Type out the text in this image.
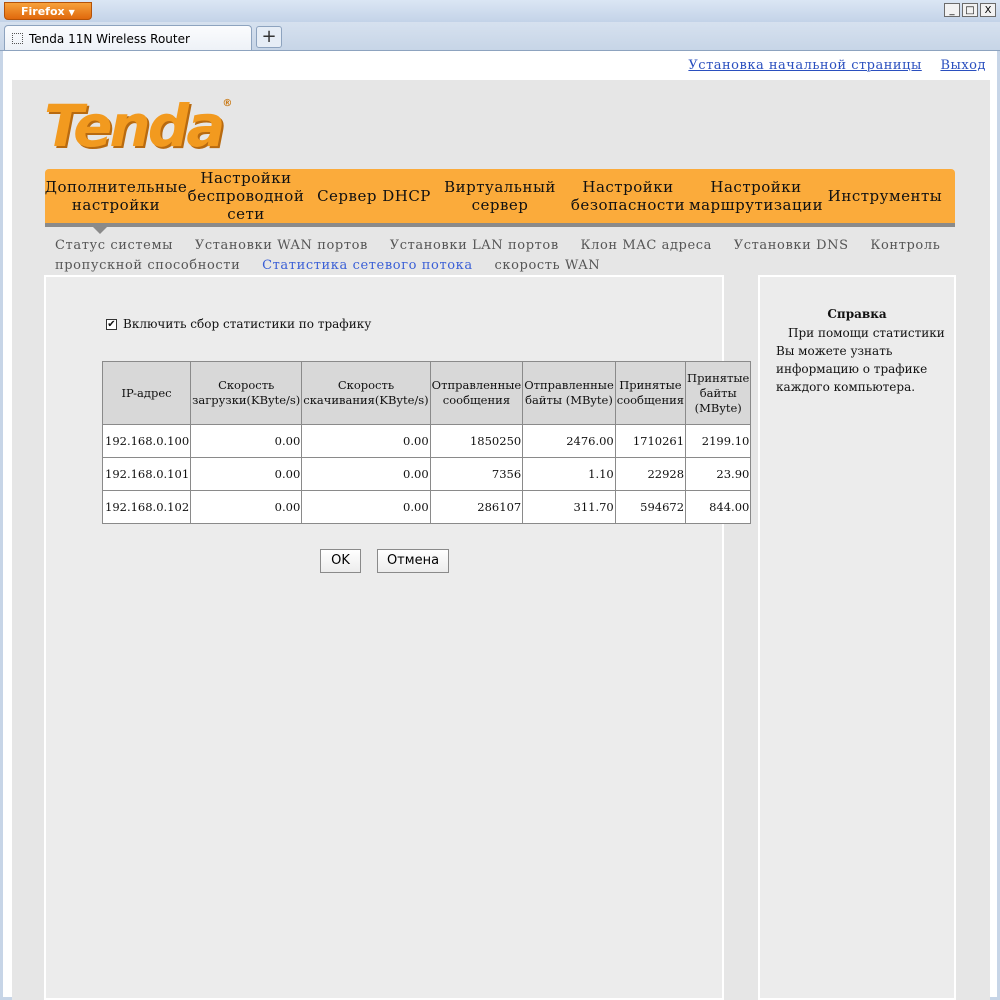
Firefox ▼	_	□ X
Tenda 11N Wireless Router	+
Установка начальной страницы Выход
Tenda®
Дополнительные настройки
Настройки беспроводной сети
Сервер DHCP Виртуальный сервер
Настройки безопасности
Настройки маршрутизации Инструменты
Статус системы Установки WAN портов Установки LAN портов Клон MAC адреса Установки DNS Контроль пропускной способности Статистика сетевого потока скорость WAN
✔ Включить сбор статистики по трафику
IP-адрес	Скорость загрузки(KByte/s)	Скорость скачивания(KByte/s)	Отправленные сообщения	Отправленные байты (MByte)	Принятые сообщения	Принятые байты (MByte)
192.168.0.100	0.00	0.00	1850250	2476.00	1710261	2199.10
192.168.0.101	0.00	0.00	7356	1.10	22928	23.90
192.168.0.102	0.00	0.00	286107	311.70	594672	844.00
OK	Отмена
Справка
При помощи статистики Вы можете узнать информацию о трафике каждого компьютера.
